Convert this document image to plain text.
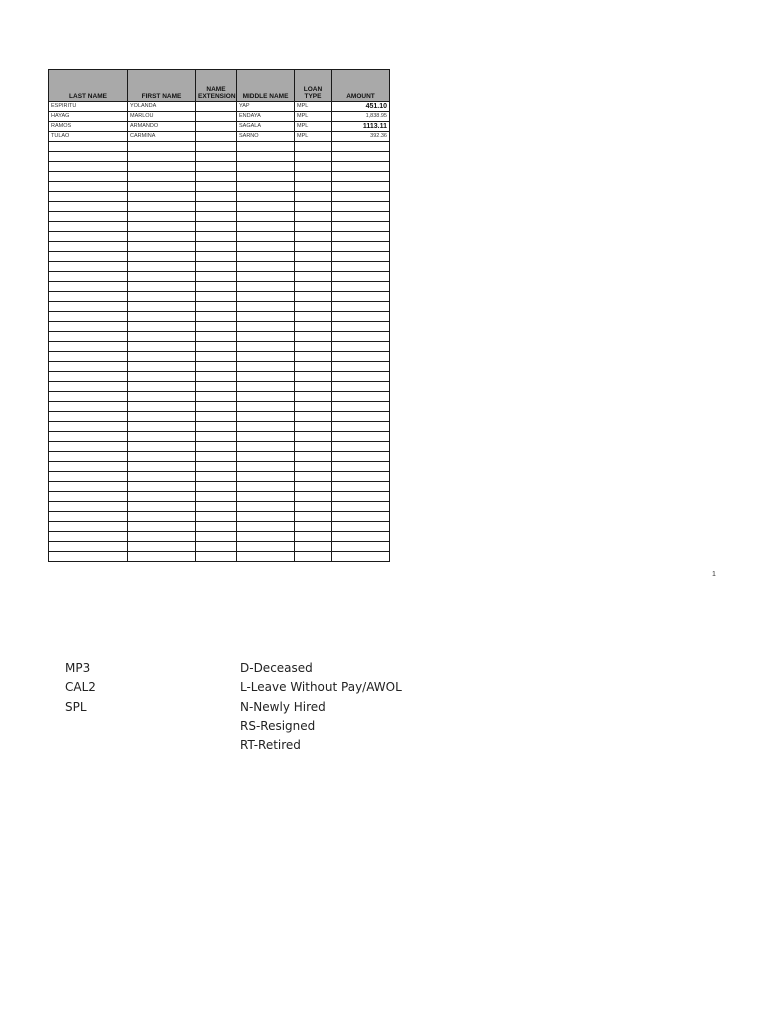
LAST NAME	FIRST NAME	NAME EXTENSION	MIDDLE NAME	LOAN TYPE	AMOUNT
ESPIRITU	YOLANDA		YAP	MPL	451.10
HAYAG	MARLOU		ENDAYA	MPL	1,838.95
RAMOS	ARMANDO		SAGALA	MPL	1113.11
TULAO	CARMINA		SARNO	MPL	392.36

1
MP3
CAL2
SPL
D-Deceased
L-Leave Without Pay/AWOL
N-Newly Hired
RS-Resigned
RT-Retired
